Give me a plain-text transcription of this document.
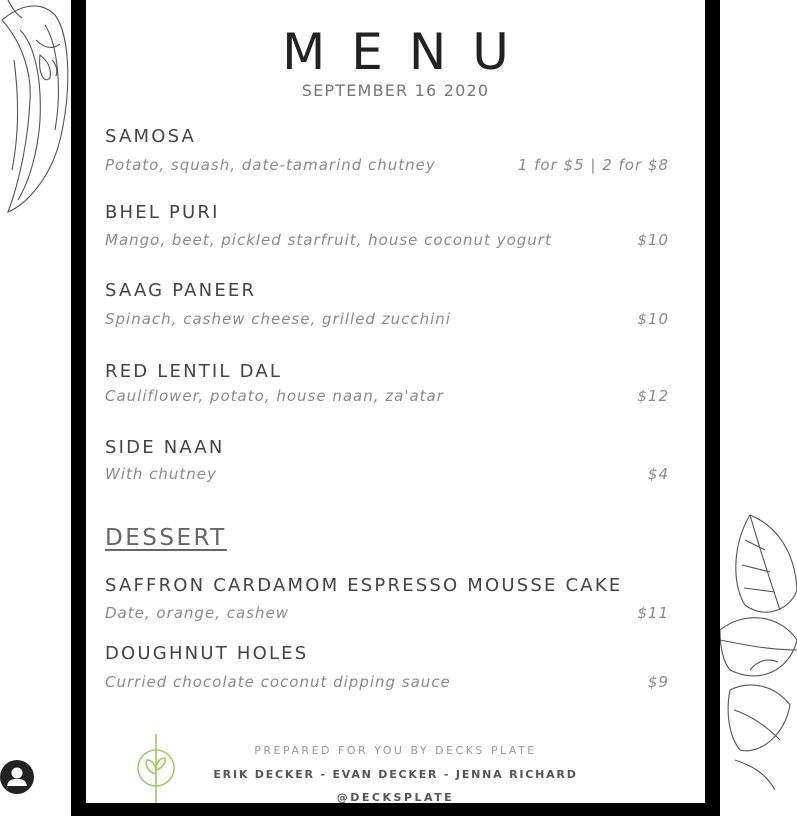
MENU
SEPTEMBER 16 2020
SAMOSA
Potato, squash, date-tamarind chutney	1 for $5 | 2 for $8
BHEL PURI
Mango, beet, pickled starfruit, house coconut yogurt	$10
SAAG PANEER
Spinach, cashew cheese, grilled zucchini	$10
RED LENTIL DAL
Cauliflower, potato, house naan, za'atar	$12
SIDE NAAN
With chutney	$4
DESSERT
SAFFRON CARDAMOM ESPRESSO MOUSSE CAKE
Date, orange, cashew	$11
DOUGHNUT HOLES
Curried chocolate coconut dipping sauce	$9
PREPARED FOR YOU BY DECKS PLATE
ERIK DECKER - EVAN DECKER - JENNA RICHARD
@DECKSPLATE
